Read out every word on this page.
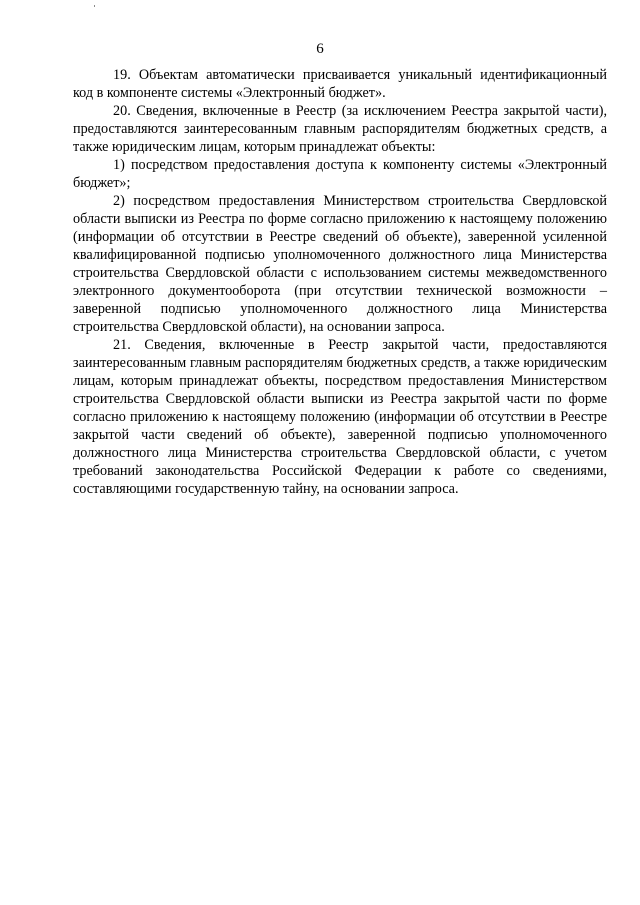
6

19. Объектам автоматически присваивается уникальный идентификационный код в компоненте системы «Электронный бюджет».

20. Сведения, включенные в Реестр (за исключением Реестра закрытой части), предоставляются заинтересованным главным распорядителям бюджетных средств, а также юридическим лицам, которым принадлежат объекты:

1) посредством предоставления доступа к компоненту системы «Электронный бюджет»;

2) посредством предоставления Министерством строительства Свердловской области выписки из Реестра по форме согласно приложению к настоящему положению (информации об отсутствии в Реестре сведений об объекте), заверенной усиленной квалифицированной подписью уполномоченного должностного лица Министерства строительства Свердловской области с использованием системы межведомственного электронного документооборота (при отсутствии технической возможности – заверенной подписью уполномоченного должностного лица Министерства строительства Свердловской области), на основании запроса.

21. Сведения, включенные в Реестр закрытой части, предоставляются заинтересованным главным распорядителям бюджетных средств, а также юридическим лицам, которым принадлежат объекты, посредством предоставления Министерством строительства Свердловской области выписки из Реестра закрытой части по форме согласно приложению к настоящему положению (информации об отсутствии в Реестре закрытой части сведений об объекте), заверенной подписью уполномоченного должностного лица Министерства строительства Свердловской области, с учетом требований законодательства Российской Федерации к работе со сведениями, составляющими государственную тайну, на основании запроса.
